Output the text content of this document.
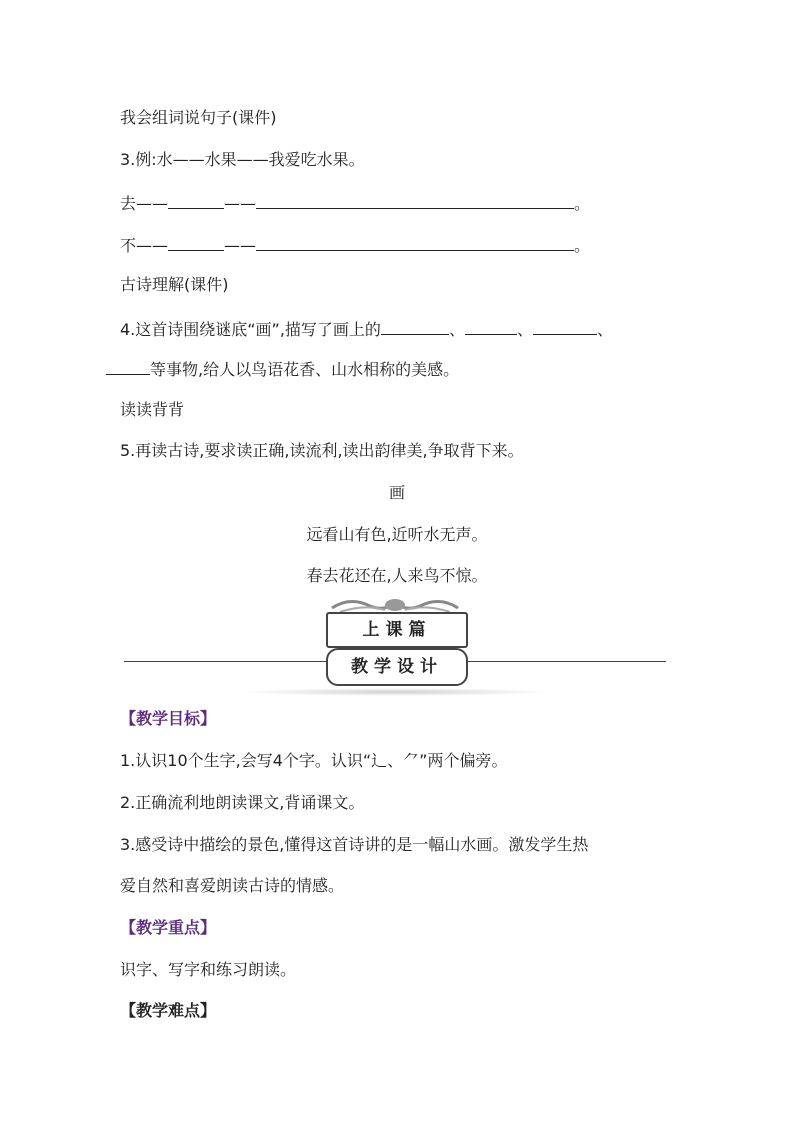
我会组词说句子(课件)
3.例:水——水果——我爱吃水果。
去——	——	。
不——	——	。
古诗理解(课件)
4.这首诗围绕谜底“画”,描写了画上的	、	、	、
等事物,给人以鸟语花香、山水相称的美感。
读读背背
5.再读古诗,要求读正确,读流利,读出韵律美,争取背下来。
画
远看山有色,近听水无声。
春去花还在,人来鸟不惊。
上课篇
教学设计
【教学目标】
1.认识10个生字,会写4个字。认识“辶、⺈”两个偏旁。
2.正确流利地朗读课文,背诵课文。
3.感受诗中描绘的景色,懂得这首诗讲的是一幅山水画。激发学生热
爱自然和喜爱朗读古诗的情感。
【教学重点】
识字、写字和练习朗读。
【教学难点】
